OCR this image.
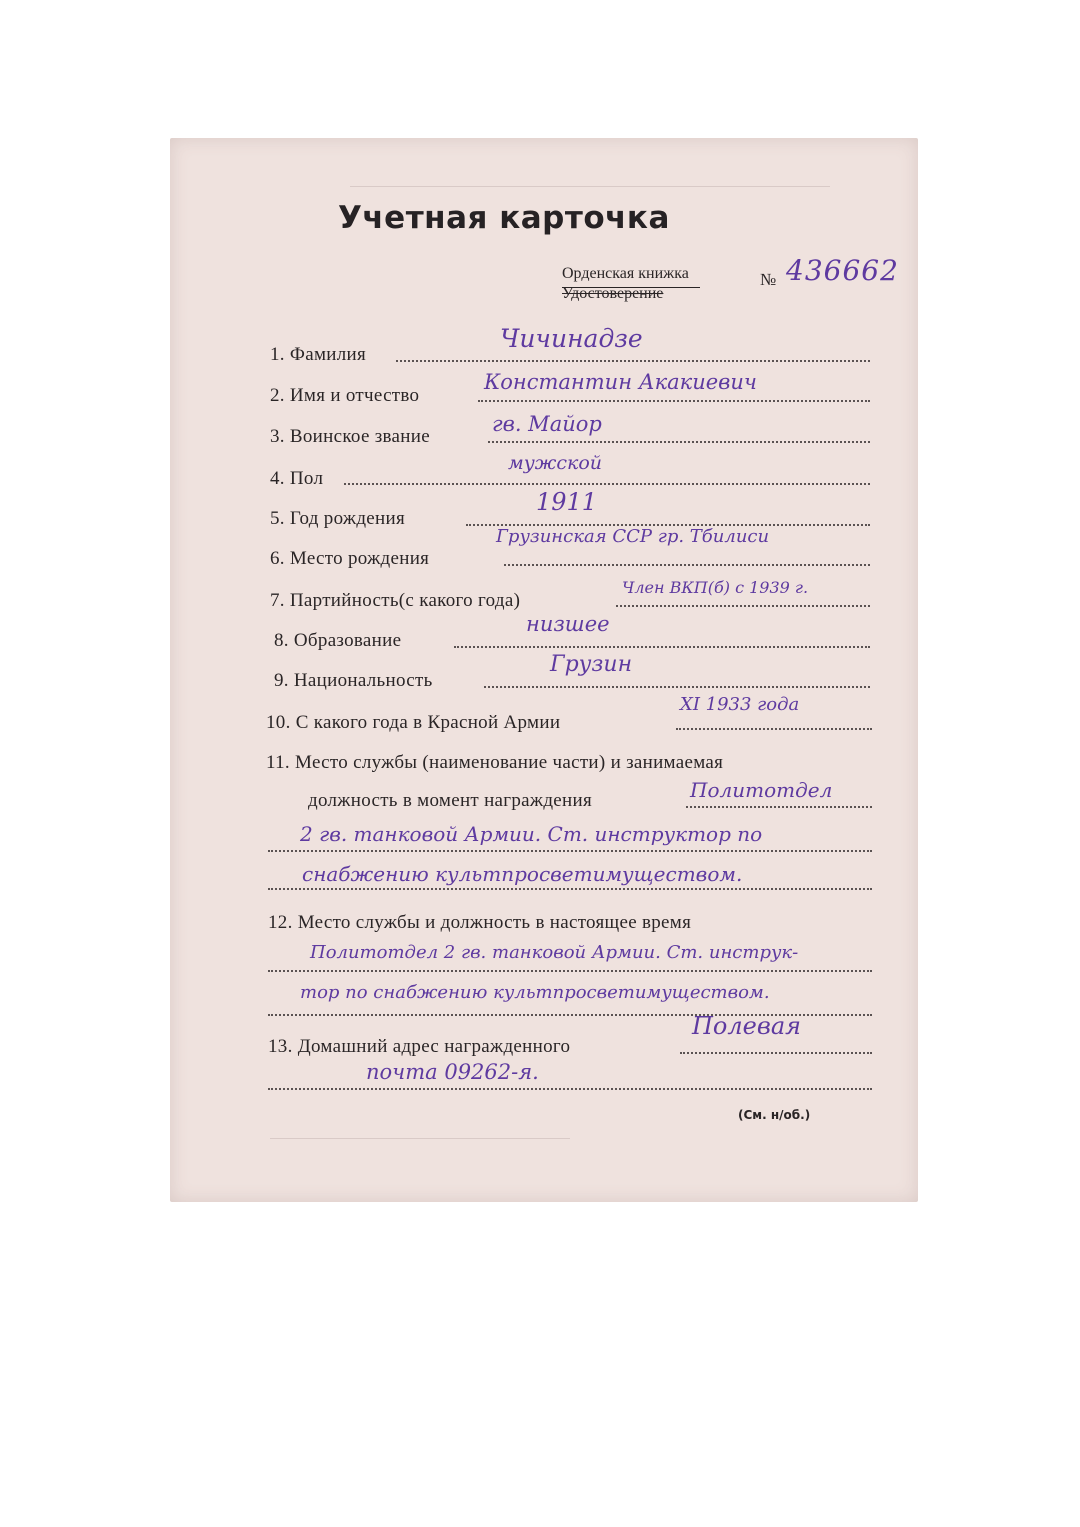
Учетная карточка
Орденская книжка
Удостоверение
№ 436662
1. Фамилия
Чичинадзе
2. Имя и отчество
Константин Акакиевич
3. Воинское звание
гв. Майор
4. Пол
мужской
5. Год рождения
1911
6. Место рождения
Грузинская ССР гр. Тбилиси
7. Партийность(с какого года)
Член ВКП(б) с 1939 г.
8. Образование
низшее
9. Национальность
Грузин
10. С какого года в Красной Армии
XI 1933 года
11. Место службы (наименование части) и занимаемая
должность в момент награждения	Политотдел
2 гв. танковой Армии. Ст. инструктор по
снабжению культпросветимуществом.
12. Место службы и должность в настоящее время
Политотдел 2 гв. танковой Армии. Ст. инструк-
тор по снабжению культпросветимуществом.
13. Домашний адрес награжденного
Полевая
почта 09262-я.
(См. н/об.)
